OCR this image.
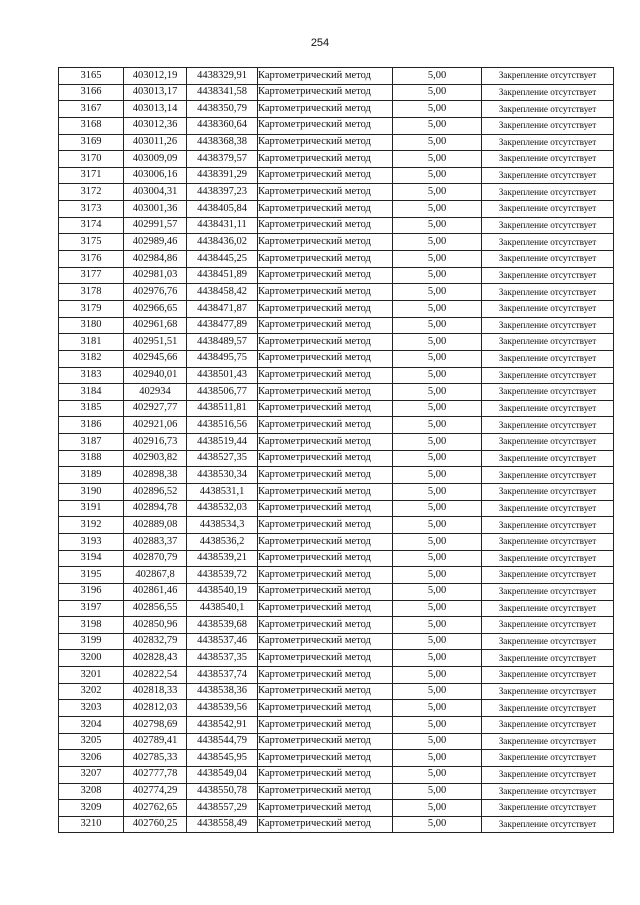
254
3165	403012,19	4438329,91	Картометрический метод	5,00	Закрепление отсутствует
3166	403013,17	4438341,58	Картометрический метод	5,00	Закрепление отсутствует
3167	403013,14	4438350,79	Картометрический метод	5,00	Закрепление отсутствует
3168	403012,36	4438360,64	Картометрический метод	5,00	Закрепление отсутствует
3169	403011,26	4438368,38	Картометрический метод	5,00	Закрепление отсутствует
3170	403009,09	4438379,57	Картометрический метод	5,00	Закрепление отсутствует
3171	403006,16	4438391,29	Картометрический метод	5,00	Закрепление отсутствует
3172	403004,31	4438397,23	Картометрический метод	5,00	Закрепление отсутствует
3173	403001,36	4438405,84	Картометрический метод	5,00	Закрепление отсутствует
3174	402991,57	4438431,11	Картометрический метод	5,00	Закрепление отсутствует
3175	402989,46	4438436,02	Картометрический метод	5,00	Закрепление отсутствует
3176	402984,86	4438445,25	Картометрический метод	5,00	Закрепление отсутствует
3177	402981,03	4438451,89	Картометрический метод	5,00	Закрепление отсутствует
3178	402976,76	4438458,42	Картометрический метод	5,00	Закрепление отсутствует
3179	402966,65	4438471,87	Картометрический метод	5,00	Закрепление отсутствует
3180	402961,68	4438477,89	Картометрический метод	5,00	Закрепление отсутствует
3181	402951,51	4438489,57	Картометрический метод	5,00	Закрепление отсутствует
3182	402945,66	4438495,75	Картометрический метод	5,00	Закрепление отсутствует
3183	402940,01	4438501,43	Картометрический метод	5,00	Закрепление отсутствует
3184	402934	4438506,77	Картометрический метод	5,00	Закрепление отсутствует
3185	402927,77	4438511,81	Картометрический метод	5,00	Закрепление отсутствует
3186	402921,06	4438516,56	Картометрический метод	5,00	Закрепление отсутствует
3187	402916,73	4438519,44	Картометрический метод	5,00	Закрепление отсутствует
3188	402903,82	4438527,35	Картометрический метод	5,00	Закрепление отсутствует
3189	402898,38	4438530,34	Картометрический метод	5,00	Закрепление отсутствует
3190	402896,52	4438531,1	Картометрический метод	5,00	Закрепление отсутствует
3191	402894,78	4438532,03	Картометрический метод	5,00	Закрепление отсутствует
3192	402889,08	4438534,3	Картометрический метод	5,00	Закрепление отсутствует
3193	402883,37	4438536,2	Картометрический метод	5,00	Закрепление отсутствует
3194	402870,79	4438539,21	Картометрический метод	5,00	Закрепление отсутствует
3195	402867,8	4438539,72	Картометрический метод	5,00	Закрепление отсутствует
3196	402861,46	4438540,19	Картометрический метод	5,00	Закрепление отсутствует
3197	402856,55	4438540,1	Картометрический метод	5,00	Закрепление отсутствует
3198	402850,96	4438539,68	Картометрический метод	5,00	Закрепление отсутствует
3199	402832,79	4438537,46	Картометрический метод	5,00	Закрепление отсутствует
3200	402828,43	4438537,35	Картометрический метод	5,00	Закрепление отсутствует
3201	402822,54	4438537,74	Картометрический метод	5,00	Закрепление отсутствует
3202	402818,33	4438538,36	Картометрический метод	5,00	Закрепление отсутствует
3203	402812,03	4438539,56	Картометрический метод	5,00	Закрепление отсутствует
3204	402798,69	4438542,91	Картометрический метод	5,00	Закрепление отсутствует
3205	402789,41	4438544,79	Картометрический метод	5,00	Закрепление отсутствует
3206	402785,33	4438545,95	Картометрический метод	5,00	Закрепление отсутствует
3207	402777,78	4438549,04	Картометрический метод	5,00	Закрепление отсутствует
3208	402774,29	4438550,78	Картометрический метод	5,00	Закрепление отсутствует
3209	402762,65	4438557,29	Картометрический метод	5,00	Закрепление отсутствует
3210	402760,25	4438558,49	Картометрический метод	5,00	Закрепление отсутствует
